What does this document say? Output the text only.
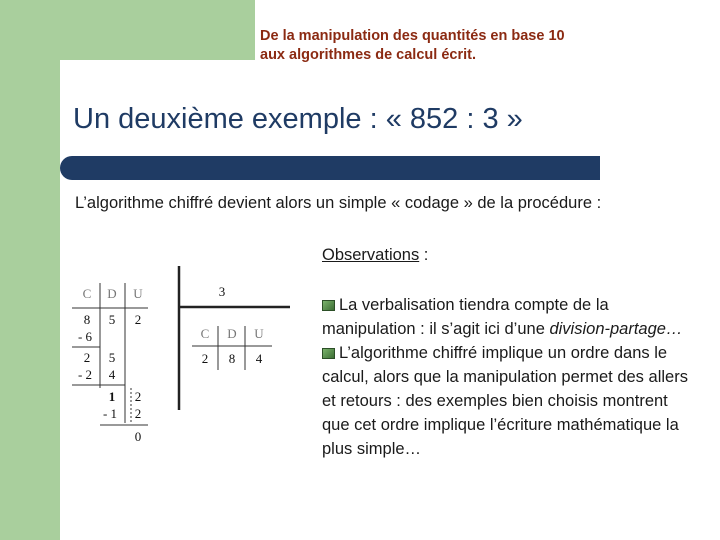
De la manipulation des quantités en base 10
aux algorithmes de calcul écrit.
Un deuxième exemple : « 852 : 3 »
L’algorithme chiffré devient alors un simple « codage » de la procédure :
C D U
8 5 2
- 6
2 5
- 2 4
1 2
- 1 2
0
3
C D U
2 8 4
Observations :

La verbalisation tiendra compte de la manipulation : il s’agit ici d’une division-partage…

L’algorithme chiffré implique un ordre dans le calcul, alors que la manipulation permet des allers et retours : des exemples bien choisis montrent que cet ordre implique l’écriture mathématique la plus simple…
